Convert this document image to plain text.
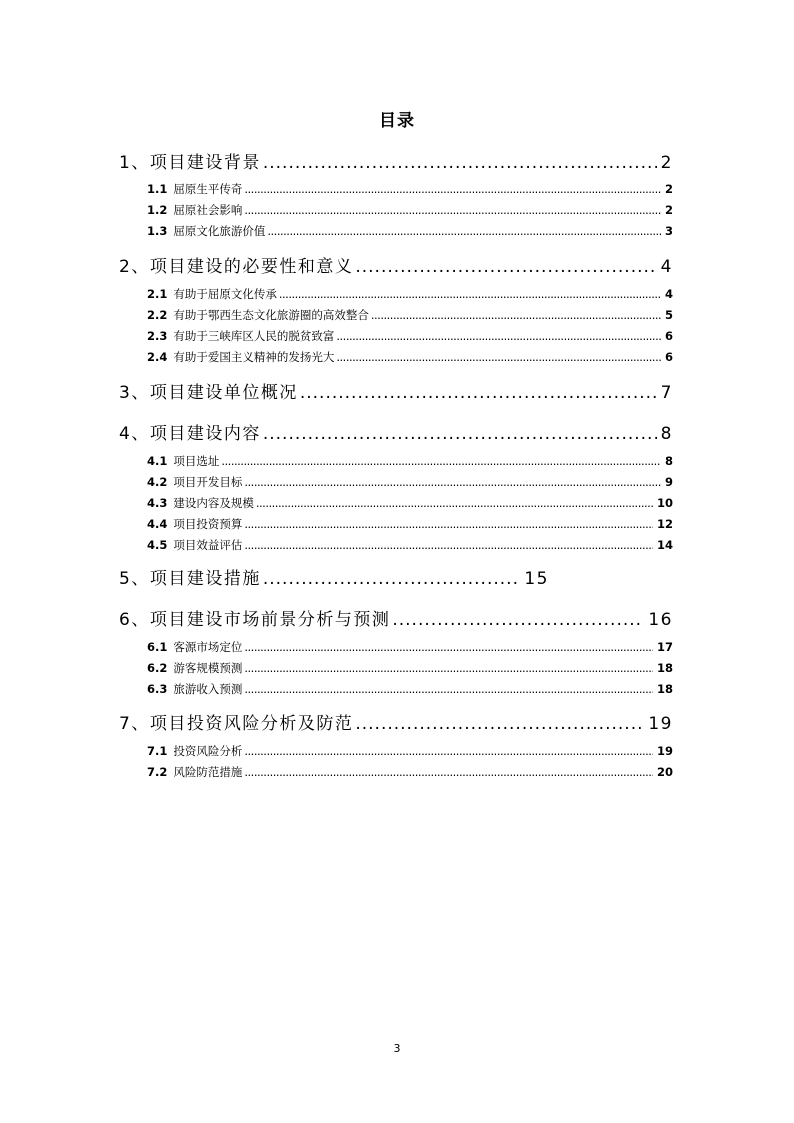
目录
1、 项目建设背景 .....	2
1.1 屈原生平传奇 .....	2
1.2 屈原社会影响 .....	2
1.3 屈原文化旅游价值 .....	3
2、 项目建设的必要性和意义 .....	4
2.1 有助于屈原文化传承 .....	4
2.2 有助于鄂西生态文化旅游圈的高效整合 .....	5
2.3 有助于三峡库区人民的脱贫致富 .....	6
2.4 有助于爱国主义精神的发扬光大 .....	6
3、 项目建设单位概况 .....	7
4、 项目建设内容 .....	8
4.1 项目选址 .....	8
4.2 项目开发目标 .....	9
4.3 建设内容及规模 .....	10
4.4 项目投资预算 .....	12
4.5 项目效益评估 .....	14
5、 项目建设措施 .....	15
6、 项目建设市场前景分析与预测 .....	16
6.1 客源市场定位 .....	17
6.2 游客规模预测 .....	18
6.3 旅游收入预测 .....	18
7、 项目投资风险分析及防范 .....	19
7.1 投资风险分析 .....	19
7.2 风险防范措施 .....	20
3
